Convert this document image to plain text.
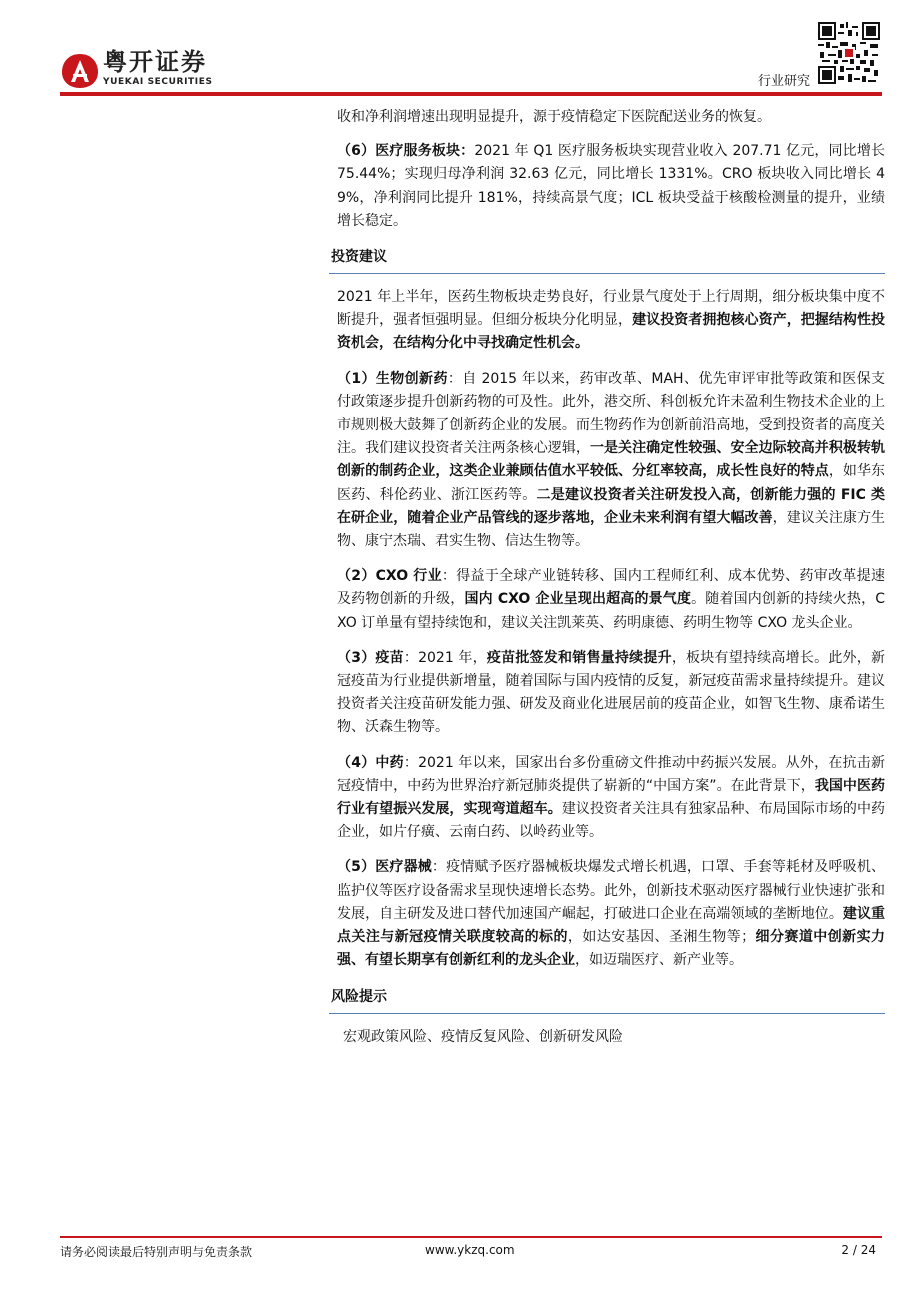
粤开证券
YUEKAI SECURITIES	行业研究

收和净利润增速出现明显提升，源于疫情稳定下医院配送业务的恢复。

（6）医疗服务板块：2021 年 Q1 医疗服务板块实现营业收入 207.71 亿元，同比增长 75.44%；实现归母净利润 32.63 亿元，同比增长 1331%。CRO 板块收入同比增长 49%，净利润同比提升 181%，持续高景气度；ICL 板块受益于核酸检测量的提升，业绩增长稳定。

投资建议

2021 年上半年，医药生物板块走势良好，行业景气度处于上行周期，细分板块集中度不断提升，强者恒强明显。但细分板块分化明显，建议投资者拥抱核心资产，把握结构性投资机会，在结构分化中寻找确定性机会。

（1）生物创新药：自 2015 年以来，药审改革、MAH、优先审评审批等政策和医保支付政策逐步提升创新药物的可及性。此外，港交所、科创板允许未盈利生物技术企业的上市规则极大鼓舞了创新药企业的发展。而生物药作为创新前沿高地，受到投资者的高度关注。我们建议投资者关注两条核心逻辑，一是关注确定性较强、安全边际较高并积极转轨创新的制药企业，这类企业兼顾估值水平较低、分红率较高，成长性良好的特点，如华东医药、科伦药业、浙江医药等。二是建议投资者关注研发投入高，创新能力强的 FIC 类在研企业，随着企业产品管线的逐步落地，企业未来利润有望大幅改善，建议关注康方生物、康宁杰瑞、君实生物、信达生物等。

（2）CXO 行业：得益于全球产业链转移、国内工程师红利、成本优势、药审改革提速及药物创新的升级，国内 CXO 企业呈现出超高的景气度。随着国内创新的持续火热，CXO 订单量有望持续饱和，建议关注凯莱英、药明康德、药明生物等 CXO 龙头企业。

（3）疫苗：2021 年，疫苗批签发和销售量持续提升，板块有望持续高增长。此外，新冠疫苗为行业提供新增量，随着国际与国内疫情的反复，新冠疫苗需求量持续提升。建议投资者关注疫苗研发能力强、研发及商业化进展居前的疫苗企业，如智飞生物、康希诺生物、沃森生物等。

（4）中药：2021 年以来，国家出台多份重磅文件推动中药振兴发展。从外，在抗击新冠疫情中，中药为世界治疗新冠肺炎提供了崭新的“中国方案”。在此背景下，我国中医药行业有望振兴发展，实现弯道超车。建议投资者关注具有独家品种、布局国际市场的中药企业，如片仔癀、云南白药、以岭药业等。

（5）医疗器械：疫情赋予医疗器械板块爆发式增长机遇，口罩、手套等耗材及呼吸机、监护仪等医疗设备需求呈现快速增长态势。此外，创新技术驱动医疗器械行业快速扩张和发展，自主研发及进口替代加速国产崛起，打破进口企业在高端领域的垄断地位。建议重点关注与新冠疫情关联度较高的标的，如达安基因、圣湘生物等；细分赛道中创新实力强、有望长期享有创新红利的龙头企业，如迈瑞医疗、新产业等。

风险提示
宏观政策风险、疫情反复风险、创新研发风险
请务必阅读最后特别声明与免责条款	www.ykzq.com	2 / 24
